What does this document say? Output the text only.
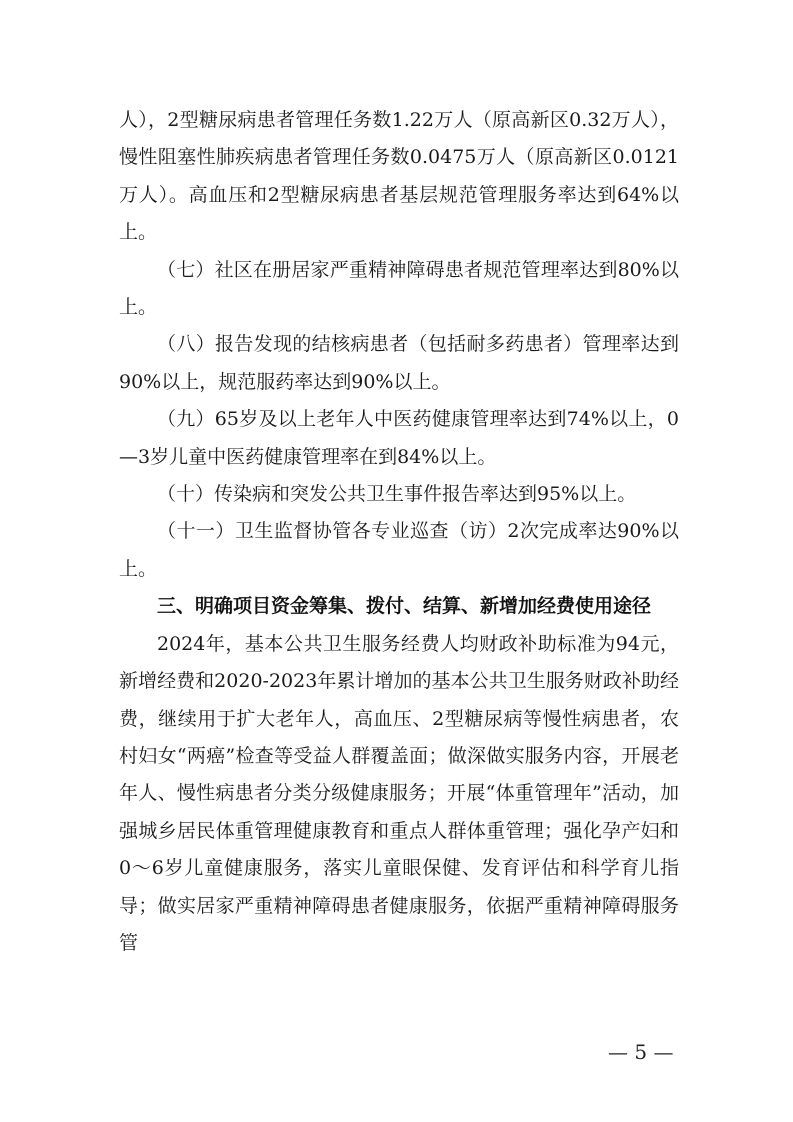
人），2型糖尿病患者管理任务数1.22万人（原高新区0.32万人），慢性阻塞性肺疾病患者管理任务数0.0475万人（原高新区0.0121万人）。高血压和2型糖尿病患者基层规范管理服务率达到64%以上。

（七）社区在册居家严重精神障碍患者规范管理率达到80%以上。

（八）报告发现的结核病患者（包括耐多药患者）管理率达到90%以上，规范服药率达到90%以上。

（九）65岁及以上老年人中医药健康管理率达到74%以上，0—3岁儿童中医药健康管理率在到84%以上。

（十）传染病和突发公共卫生事件报告率达到95%以上。

（十一）卫生监督协管各专业巡查（访）2次完成率达90%以上。

三、明确项目资金筹集、拨付、结算、新增加经费使用途径

2024年，基本公共卫生服务经费人均财政补助标准为94元，新增经费和2020-2023年累计增加的基本公共卫生服务财政补助经费，继续用于扩大老年人，高血压、2型糖尿病等慢性病患者，农村妇女“两癌”检查等受益人群覆盖面；做深做实服务内容，开展老年人、慢性病患者分类分级健康服务；开展“体重管理年”活动，加强城乡居民体重管理健康教育和重点人群体重管理；强化孕产妇和 0～6岁儿童健康服务，落实儿童眼保健、发育评估和科学育儿指导；做实居家严重精神障碍患者健康服务，依据严重精神障碍服务管

— 5 —
